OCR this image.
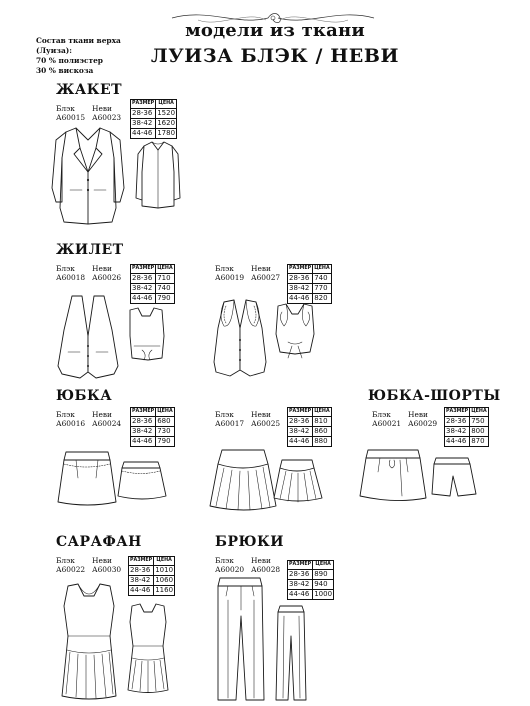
Состав ткани верха
(Луиза):
70 % полиэстер
30 % вискоза
модели из ткани
ЛУИЗА БЛЭК / НЕВИ
ЖАКЕТ
Блэк
А60015
Неви
А60023
РАЗМЕР	ЦЕНА
28-36	1520
38-42	1620
44-46	1780
ЖИЛЕТ
Блэк
А60018
Неви
А60026
РАЗМЕР	ЦЕНА
28-36	710
38-42	740
44-46	790
Блэк
А60019
Неви
А60027
РАЗМЕР	ЦЕНА
28-36	740
38-42	770
44-46	820
ЮБКА
Блэк
А60016
Неви
А60024
РАЗМЕР	ЦЕНА
28-36	680
38-42	730
44-46	790
Блэк
А60017
Неви
А60025
РАЗМЕР	ЦЕНА
28-36	810
38-42	860
44-46	880
ЮБКА-ШОРТЫ
Блэк
А60021
Неви
А60029
РАЗМЕР	ЦЕНА
28-36	750
38-42	800
44-46	870
САРАФАН
Блэк
А60022
Неви
А60030
РАЗМЕР	ЦЕНА
28-36	1010
38-42	1060
44-46	1160
БРЮКИ
Блэк
А60020
Неви
А60028
РАЗМЕР	ЦЕНА
28-36	890
38-42	940
44-46	1000
